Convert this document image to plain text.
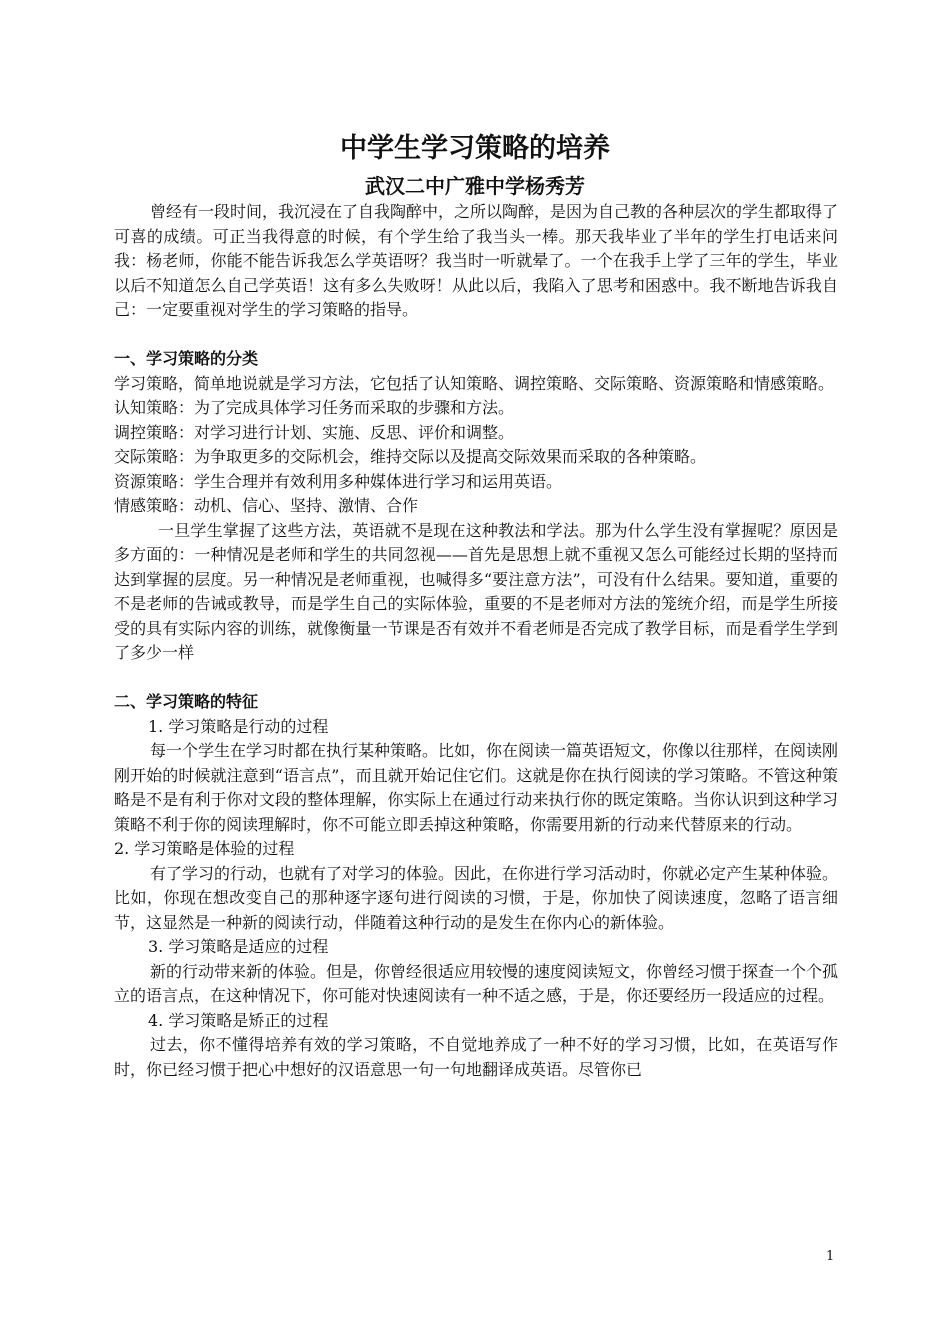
中学生学习策略的培养
武汉二中广雅中学杨秀芳

曾经有一段时间，我沉浸在了自我陶醉中，之所以陶醉，是因为自己教的各种层次的学生都取得了可喜的成绩。可正当我得意的时候，有个学生给了我当头一棒。那天我毕业了半年的学生打电话来问我：杨老师，你能不能告诉我怎么学英语呀？我当时一听就晕了。一个在我手上学了三年的学生，毕业以后不知道怎么自己学英语！这有多么失败呀！从此以后，我陷入了思考和困惑中。我不断地告诉我自己：一定要重视对学生的学习策略的指导。

一、学习策略的分类

学习策略，简单地说就是学习方法，它包括了认知策略、调控策略、交际策略、资源策略和情感策略。

认知策略：为了完成具体学习任务而采取的步骤和方法。

调控策略：对学习进行计划、实施、反思、评价和调整。

交际策略：为争取更多的交际机会，维持交际以及提高交际效果而采取的各种策略。

资源策略：学生合理并有效利用多种媒体进行学习和运用英语。

情感策略：动机、信心、坚持、激情、合作

一旦学生掌握了这些方法，英语就不是现在这种教法和学法。那为什么学生没有掌握呢？原因是多方面的：一种情况是老师和学生的共同忽视——首先是思想上就不重视又怎么可能经过长期的坚持而达到掌握的层度。另一种情况是老师重视，也喊得多“要注意方法”，可没有什么结果。要知道，重要的不是老师的告诫或教导，而是学生自己的实际体验，重要的不是老师对方法的笼统介绍，而是学生所接受的具有实际内容的训练，就像衡量一节课是否有效并不看老师是否完成了教学目标，而是看学生学到了多少一样

二、学习策略的特征

1. 学习策略是行动的过程

每一个学生在学习时都在执行某种策略。比如，你在阅读一篇英语短文，你像以往那样，在阅读刚刚开始的时候就注意到“语言点”，而且就开始记住它们。这就是你在执行阅读的学习策略。不管这种策略是不是有利于你对文段的整体理解，你实际上在通过行动来执行你的既定策略。当你认识到这种学习策略不利于你的阅读理解时，你不可能立即丢掉这种策略，你需要用新的行动来代替原来的行动。

2. 学习策略是体验的过程

有了学习的行动，也就有了对学习的体验。因此，在你进行学习活动时，你就必定产生某种体验。比如，你现在想改变自己的那种逐字逐句进行阅读的习惯，于是，你加快了阅读速度，忽略了语言细节，这显然是一种新的阅读行动，伴随着这种行动的是发生在你内心的新体验。

3. 学习策略是适应的过程

新的行动带来新的体验。但是，你曾经很适应用较慢的速度阅读短文，你曾经习惯于探查一个个孤立的语言点，在这种情况下，你可能对快速阅读有一种不适之感，于是，你还要经历一段适应的过程。

4. 学习策略是矫正的过程

过去，你不懂得培养有效的学习策略，不自觉地养成了一种不好的学习习惯，比如，在英语写作时，你已经习惯于把心中想好的汉语意思一句一句地翻译成英语。尽管你已

1
